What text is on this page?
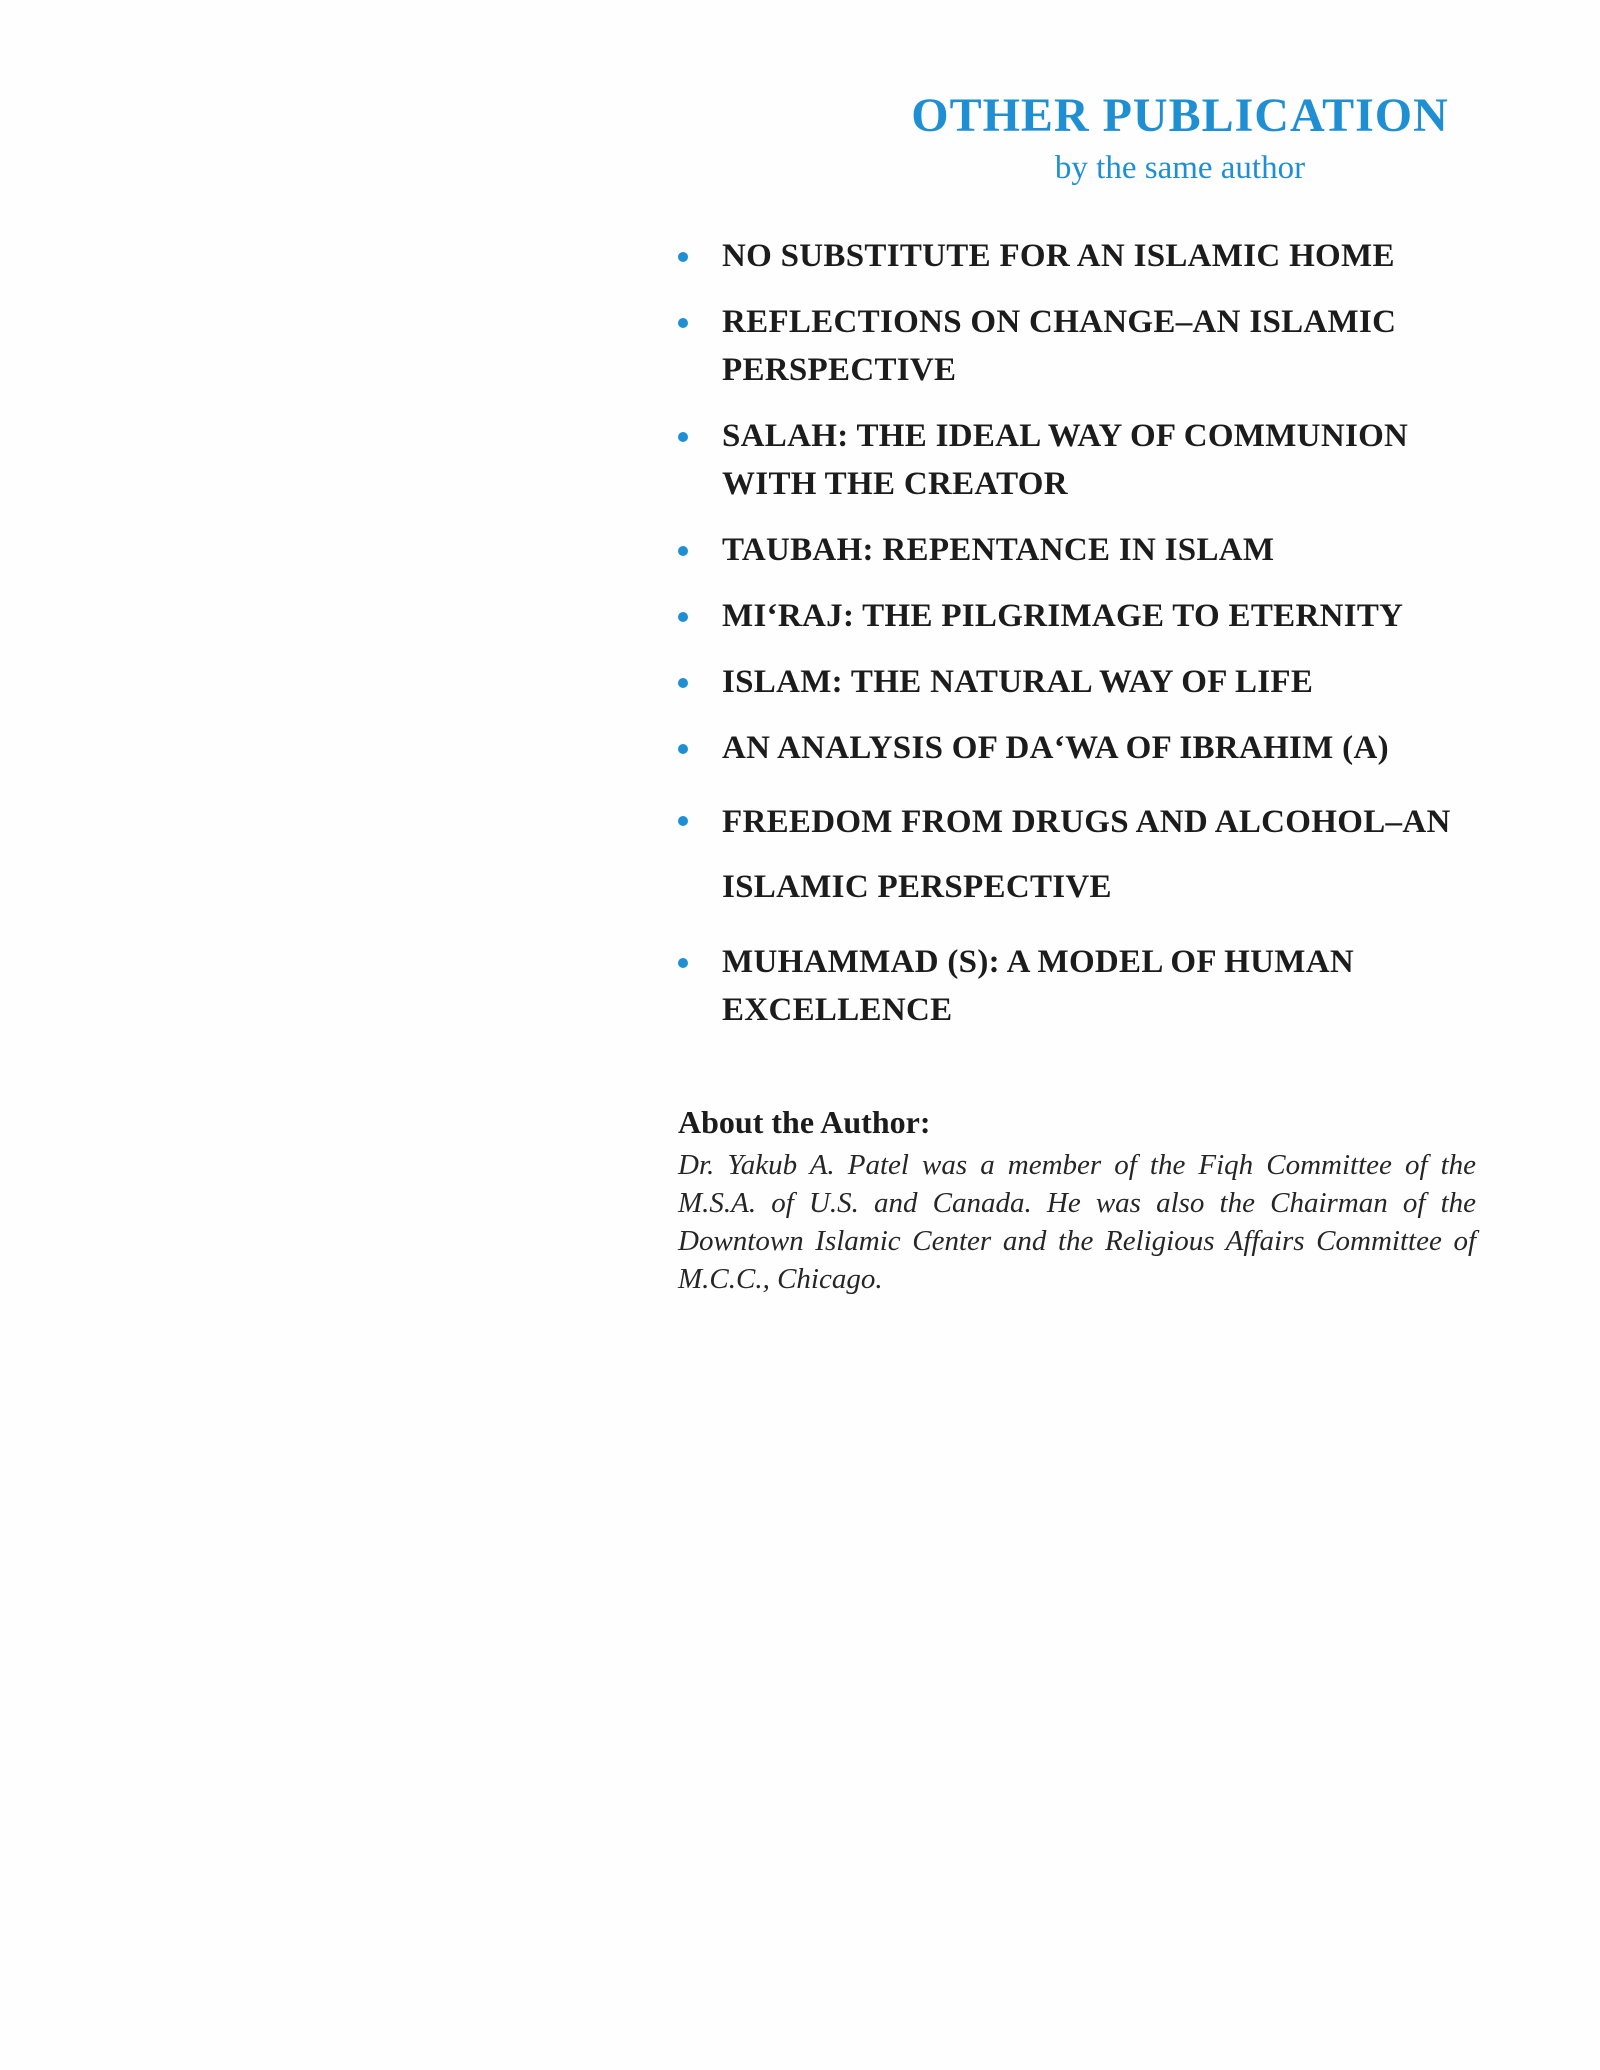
OTHER PUBLICATION

by the same author

NO SUBSTITUTE FOR AN ISLAMIC HOME
REFLECTIONS ON CHANGE–AN ISLAMIC PERSPECTIVE
SALAH: THE IDEAL WAY OF COMMUNION WITH THE CREATOR
TAUBAH: REPENTANCE IN ISLAM
MI‘RAJ: THE PILGRIMAGE TO ETERNITY
ISLAM: THE NATURAL WAY OF LIFE
AN ANALYSIS OF DA‘WA OF IBRAHIM (A)
FREEDOM FROM DRUGS AND ALCOHOL–AN ISLAMIC PERSPECTIVE
MUHAMMAD (S): A MODEL OF HUMAN EXCELLENCE
About the Author:

Dr. Yakub A. Patel was a member of the Fiqh Committee of the M.S.A. of U.S. and Canada. He was also the Chairman of the Downtown Islamic Center and the Religious Affairs Committee of M.C.C., Chicago.
